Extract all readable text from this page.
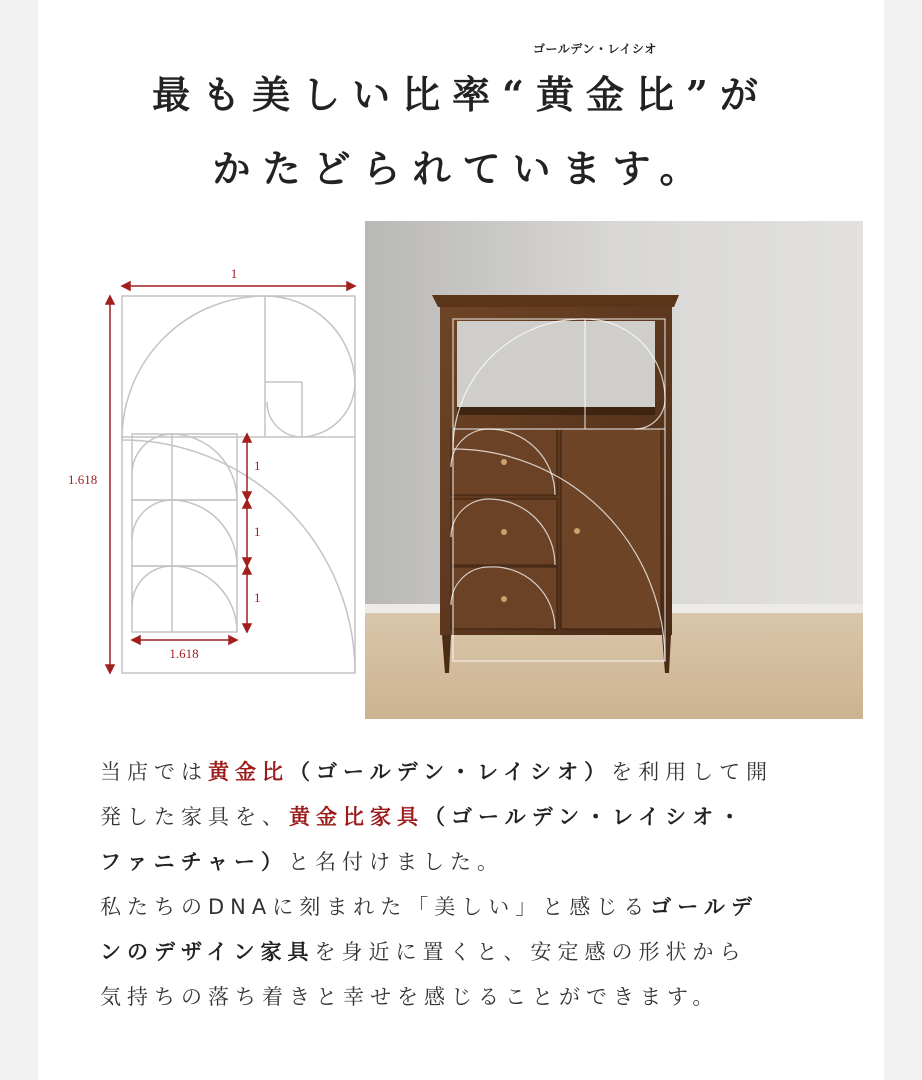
ゴールデン・レイシオ
最も美しい比率“黄金比”が
かたどられています。
1
1.618
1
1
1
1.618

当店では黄金比（ゴールデン・レイシオ）を利用して開

発した家具を、黄金比家具（ゴールデン・レイシオ・

ファニチャー）と名付けました。

私たちのDNAに刻まれた「美しい」と感じるゴールデ

ンのデザイン家具を身近に置くと、安定感の形状から

気持ちの落ち着きと幸せを感じることができます。
